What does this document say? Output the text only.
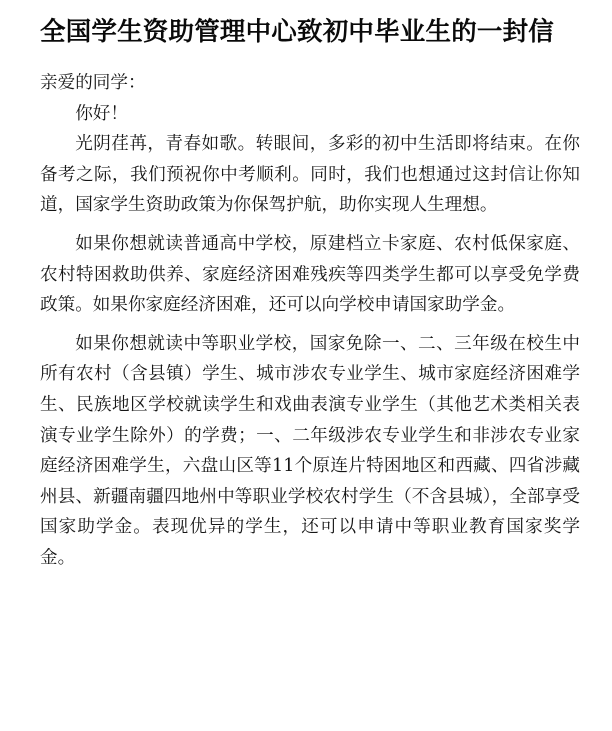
全国学生资助管理中心致初中毕业生的一封信

亲爱的同学：

你好！

光阴荏苒，青春如歌。转眼间，多彩的初中生活即将结束。在你备考之际，我们预祝你中考顺利。同时，我们也想通过这封信让你知道，国家学生资助政策为你保驾护航，助你实现人生理想。

如果你想就读普通高中学校，原建档立卡家庭、农村低保家庭、农村特困救助供养、家庭经济困难残疾等四类学生都可以享受免学费政策。如果你家庭经济困难，还可以向学校申请国家助学金。

如果你想就读中等职业学校，国家免除一、二、三年级在校生中所有农村（含县镇）学生、城市涉农专业学生、城市家庭经济困难学生、民族地区学校就读学生和戏曲表演专业学生（其他艺术类相关表演专业学生除外）的学费；一、二年级涉农专业学生和非涉农专业家庭经济困难学生，六盘山区等11个原连片特困地区和西藏、四省涉藏州县、新疆南疆四地州中等职业学校农村学生（不含县城），全部享受国家助学金。表现优异的学生，还可以申请中等职业教育国家奖学金。
